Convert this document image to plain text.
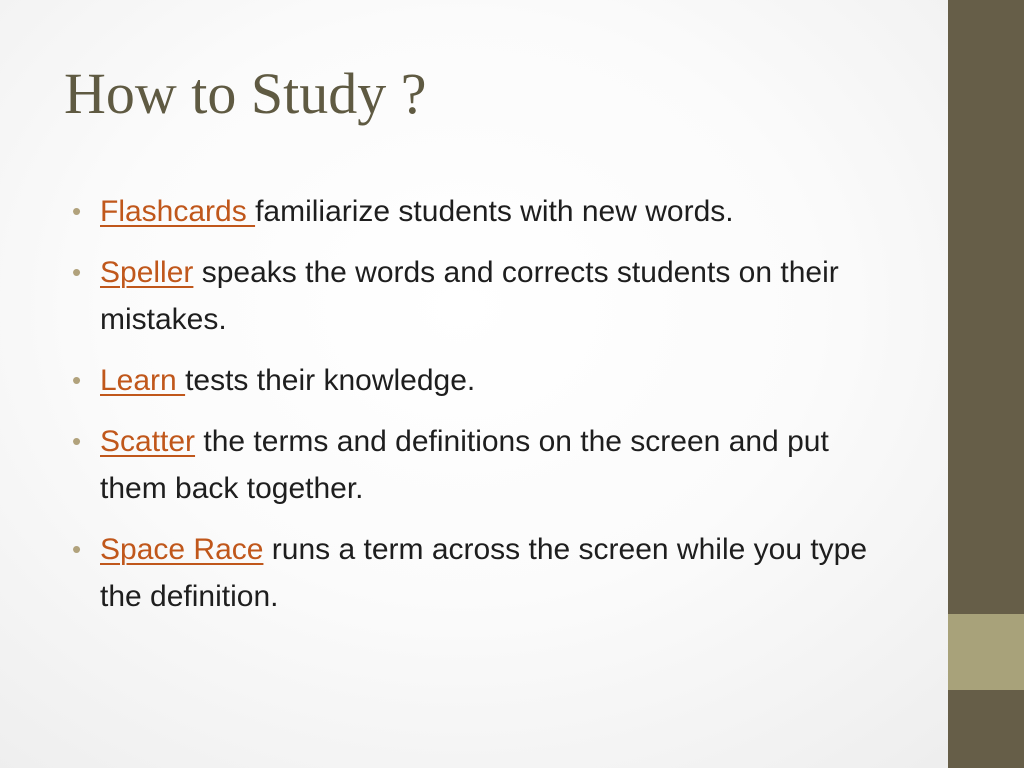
How to Study ?
• Flashcards familiarize students with new words.
• Speller speaks the words and corrects students on their mistakes.
• Learn tests their knowledge.
• Scatter the terms and definitions on the screen and put them back together.
• Space Race runs a term across the screen while you type the definition.
